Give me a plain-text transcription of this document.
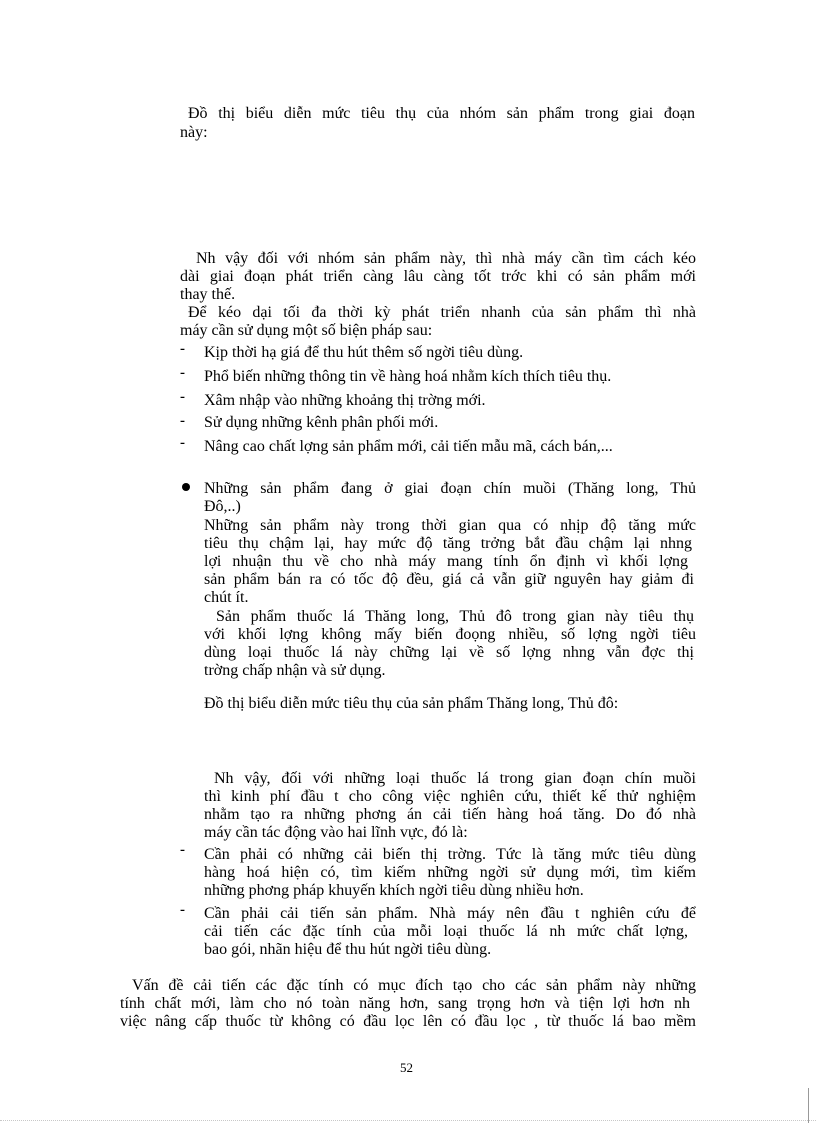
Đồ thị biểu diễn mức tiêu thụ của nhóm sản phẩm trong giai đoạn
này:
Nh vậy đối với nhóm sản phẩm này, thì nhà máy cần tìm cách kéo
dài giai đoạn phát triển càng lâu càng tốt trớc khi có sản phẩm mới
thay thế.
Để kéo dại tối đa thời kỳ phát triển nhanh của sản phẩm thì nhà
máy cần sử dụng một số biện pháp sau:
- Kịp thời hạ giá để thu hút thêm số ngời tiêu dùng.
- Phổ biến những thông tin về hàng hoá nhằm kích thích tiêu thụ.
- Xâm nhập vào những khoảng thị trờng mới.
- Sử dụng những kênh phân phối mới.
- Nâng cao chất lợng sản phẩm mới, cải tiến mẫu mã, cách bán,...
Những sản phẩm đang ở giai đoạn chín muồi (Thăng long, Thủ
Đô,..)
Những sản phẩm này trong thời gian qua có nhịp độ tăng mức
tiêu thụ chậm lại, hay mức độ tăng trởng bắt đầu chậm lại nhng
lợi nhuận thu về cho nhà máy mang tính ổn định vì khối lợng
sản phẩm bán ra có tốc độ đều, giá cả vẫn giữ nguyên hay giảm đi
chút ít.
Sản phẩm thuốc lá Thăng long, Thủ đô trong gian này tiêu thụ
với khối lợng không mấy biến đoọng nhiều, số lợng ngời tiêu
dùng loại thuốc lá này chững lại về số lợng nhng vẫn đợc thị
trờng chấp nhận và sử dụng.
Đồ thị biểu diễn mức tiêu thụ của sản phẩm Thăng long, Thủ đô:
Nh vậy, đối với những loại thuốc lá trong gian đoạn chín muồi
thì kinh phí đầu t cho công việc nghiên cứu, thiết kế thử nghiệm
nhằm tạo ra những phơng án cải tiến hàng hoá tăng. Do đó nhà
máy cần tác động vào hai lĩnh vực, đó là:
- Cần phải có những cải biến thị trờng. Tức là tăng mức tiêu dùng
hàng hoá hiện có, tìm kiếm những ngời sử dụng mới, tìm kiếm
những phơng pháp khuyến khích ngời tiêu dùng nhiều hơn.
- Cần phải cải tiến sản phẩm. Nhà máy nên đầu t nghiên cứu để
cải tiến các đặc tính của mỗi loại thuốc lá nh mức chất lợng,
bao gói, nhãn hiệu để thu hút ngời tiêu dùng.
Vấn đề cải tiến các đặc tính có mục đích tạo cho các sản phẩm này những
tính chất mới, làm cho nó toàn năng hơn, sang trọng hơn và tiện lợi hơn nh
việc nâng cấp thuốc từ không có đầu lọc lên có đầu lọc , từ thuốc lá bao mềm
52
